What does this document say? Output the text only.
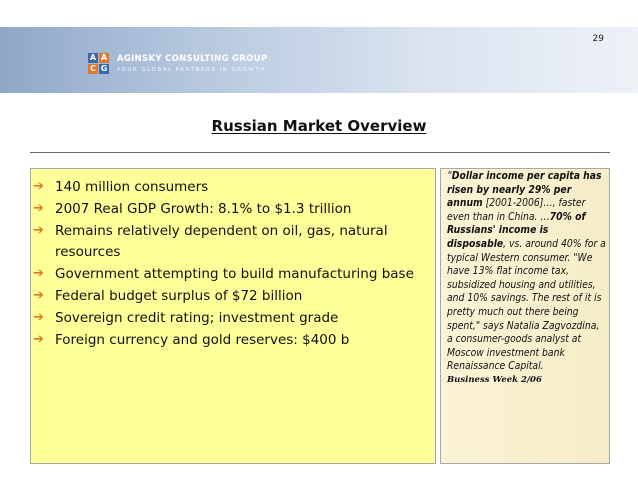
29
A A
C G
AGINSKY CONSULTING GROUP
YOUR GLOBAL PARTNERS IN GROWTH
Russian Market Overview
➔ 140 million consumers
➔ 2007 Real GDP Growth: 8.1% to $1.3 trillion
➔ Remains relatively dependent on oil, gas, natural resources
➔ Government attempting to build manufacturing base
➔ Federal budget surplus of $72 billion
➔ Sovereign credit rating; investment grade
➔ Foreign currency and gold reserves: $400 b
“Dollar income per capita has risen by nearly 29% per annum [2001-2006]…, faster even than in China. …70% of Russians' income is disposable, vs. around 40% for a typical Western consumer. "We have 13% flat income tax, subsidized housing and utilities, and 10% savings. The rest of it is pretty much out there being spent," says Natalia Zagvozdina, a consumer-goods analyst at Moscow investment bank Renaissance Capital.
Business Week 2/06
